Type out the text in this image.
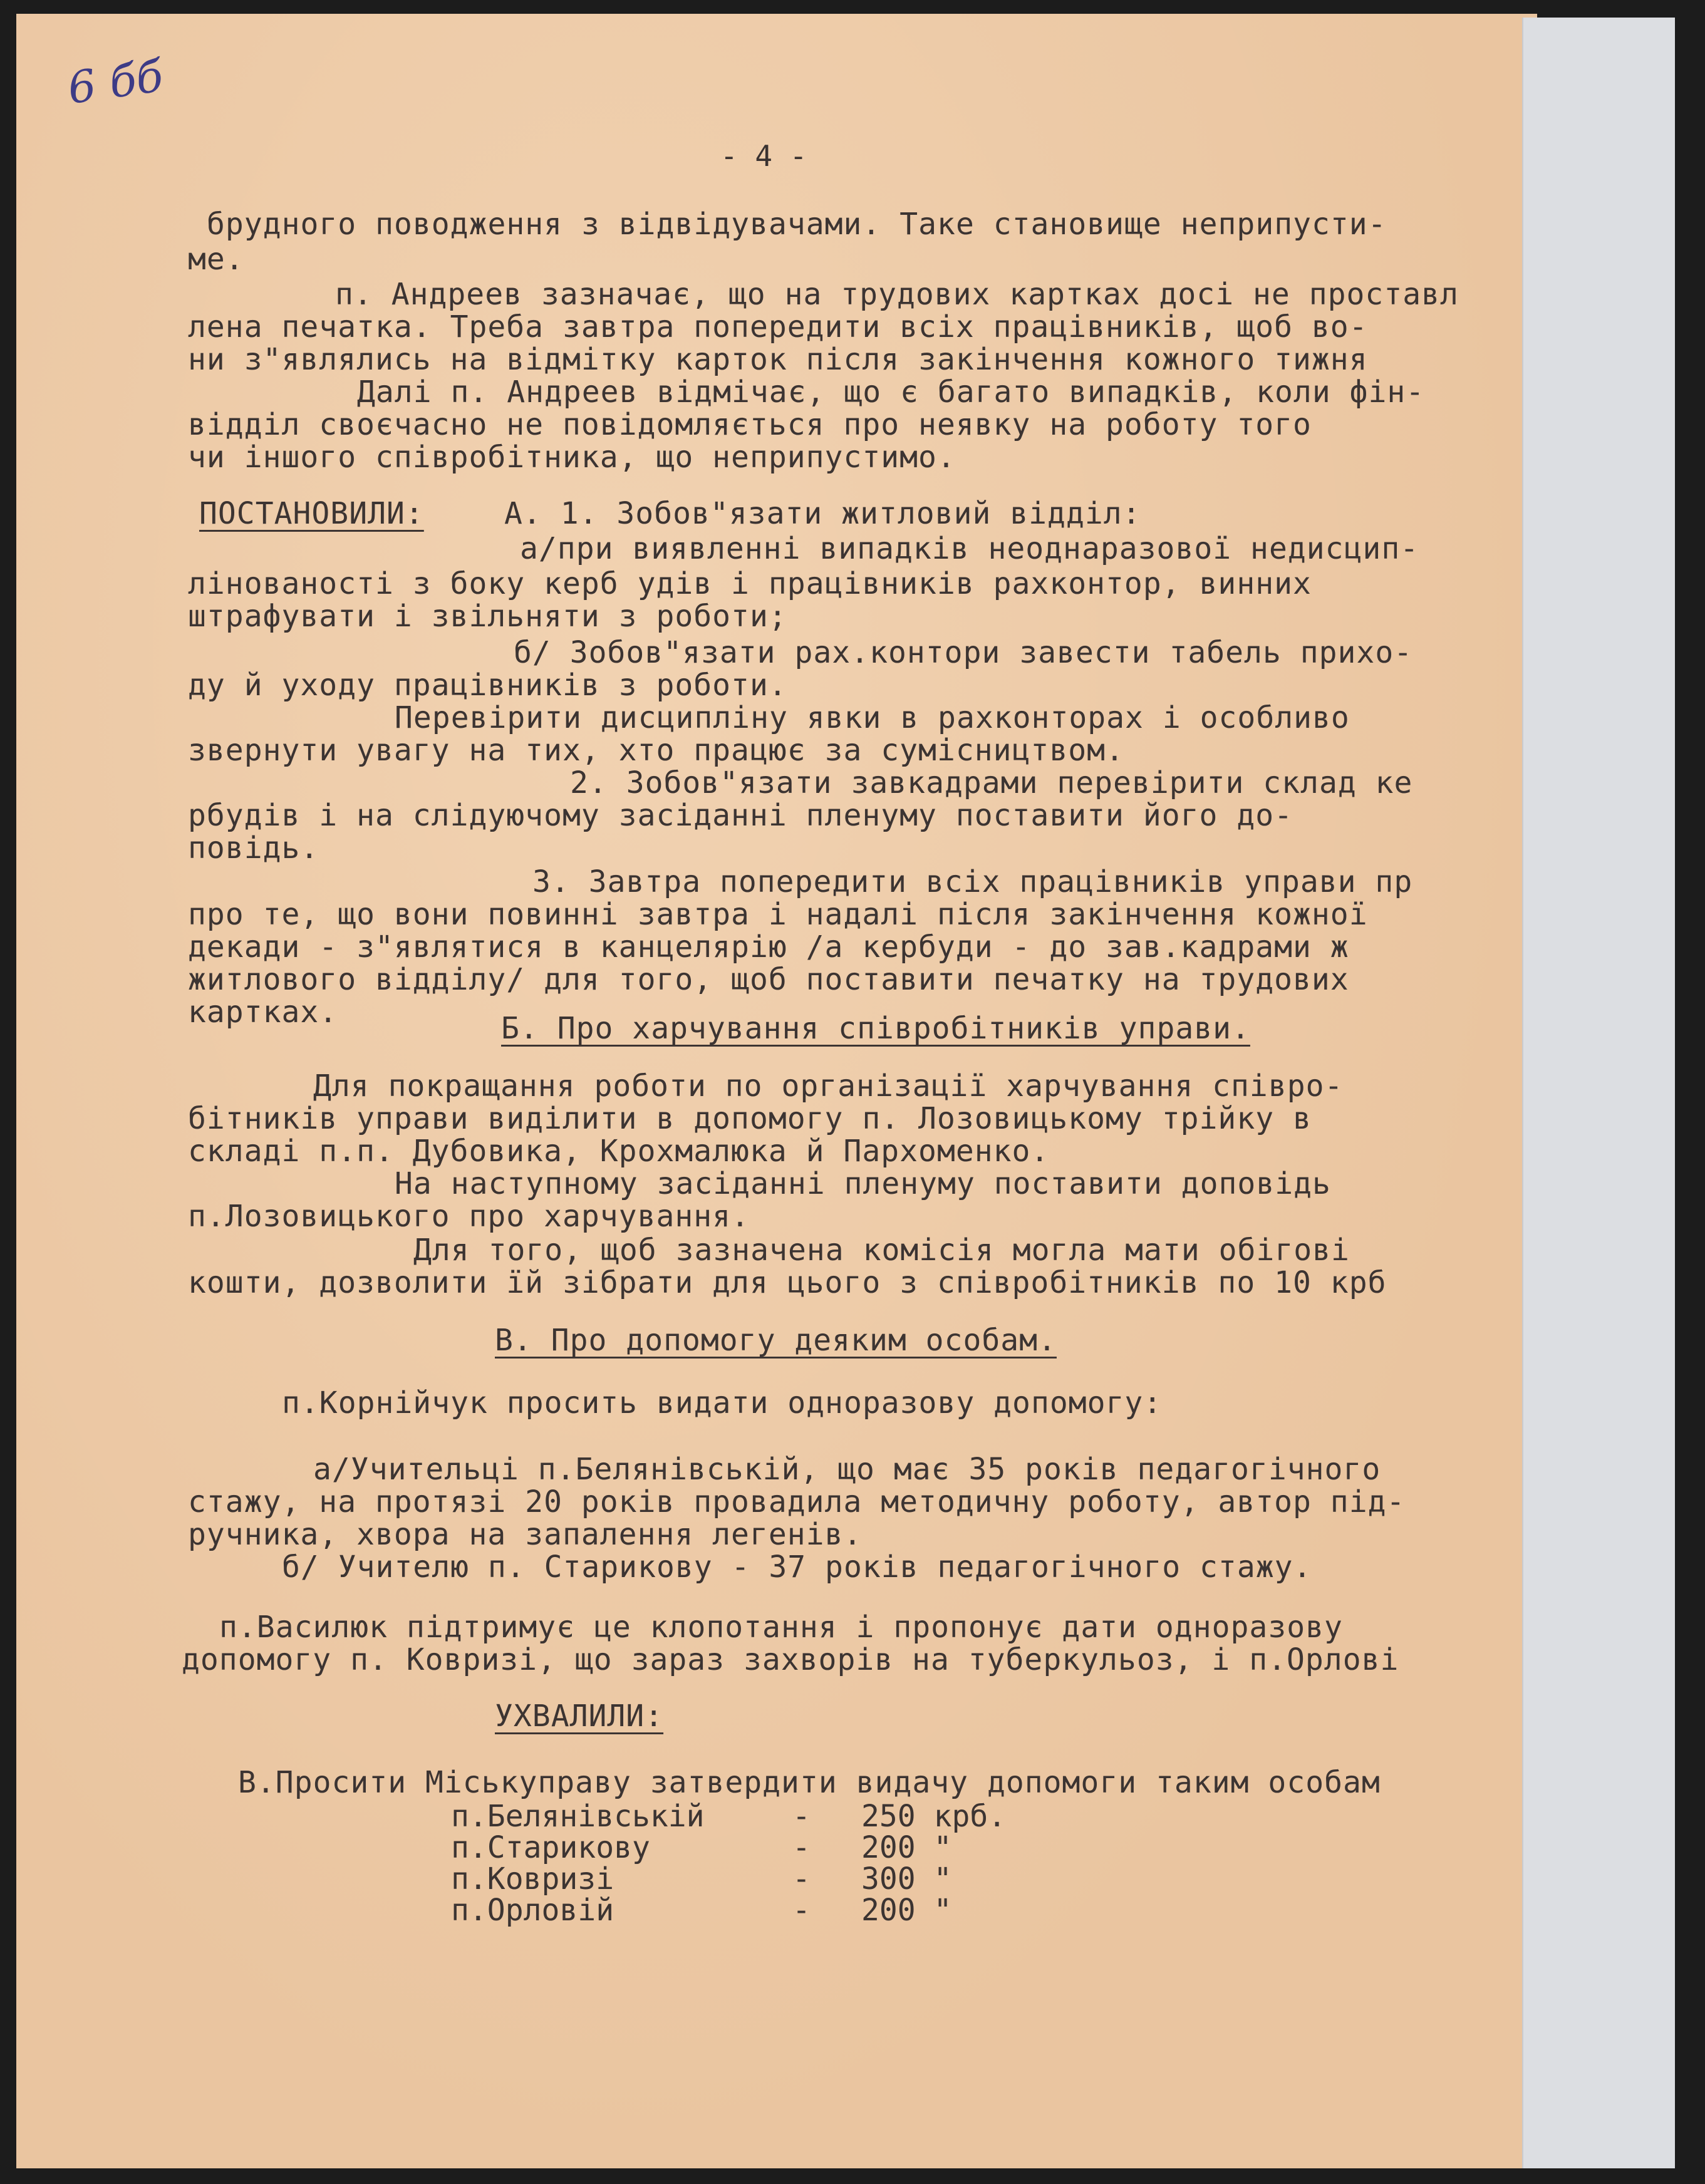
6 бб
- 4 -
брудного поводження з відвідувачами. Таке становище неприпусти-
ме.
п. Андреев зазначає, що на трудових картках досі не проставл
лена печатка. Треба завтра попередити всіх працівників, щоб во-
ни з"являлись на відмітку карток після закінчення кожного тижня
Далі п. Андреев відмічає, що є багато випадків, коли фін-
відділ своєчасно не повідомляється про неявку на роботу того
чи іншого співробітника, що неприпустимо.
ПОСТАНОВИЛИ:	А. 1. Зобов"язати житловий відділ:
а/при виявленні випадків неоднаразової недисцип-
лінованості з боку керб удів і працівників рахконтор, винних
штрафувати і звільняти з роботи;
б/ Зобов"язати рах.контори завести табель прихо-
ду й уходу працівників з роботи.
Перевірити дисципліну явки в рахконторах і особливо
звернути увагу на тих, хто працює за сумісництвом.
2. Зобов"язати завкадрами перевірити склад ке
рбудів і на слідуючому засіданні пленуму поставити його до-
повідь.
3. Завтра попередити всіх працівників управи пр
про те, що вони повинні завтра і надалі після закінчення кожної
декади - з"являтися в канцелярію /а кербуди - до зав.кадрами ж
житлового відділу/ для того, щоб поставити печатку на трудових
картках.	Б. Про харчування співробітників управи.
Для покращання роботи по організації харчування співро-
бітників управи виділити в допомогу п. Лозовицькому трійку в
складі п.п. Дубовика, Крохмалюка й Пархоменко.
На наступному засіданні пленуму поставити доповідь
п.Лозовицького про харчування.
Для того, щоб зазначена комісія могла мати обігові
кошти, дозволити їй зібрати для цього з співробітників по 10 крб
В. Про допомогу деяким особам.
п.Корнійчук просить видати одноразову допомогу:
а/Учительці п.Белянівській, що має 35 років педагогічного
стажу, на протязі 20 років провадила методичну роботу, автор під-
ручника, хвора на запалення легенів.
б/ Учителю п. Старикову - 37 років педагогічного стажу.
п.Василюк підтримує це клопотання і пропонує дати одноразову
допомогу п. Ковризі, що зараз захворів на туберкульоз, і п.Орлові
УХВАЛИЛИ:
В.Просити Міськуправу затвердити видачу допомоги таким особам
п.Белянівській	- 250 крб.
п.Старикову	- 200 "
п.Ковризі	- 300 "
п.Орловій	- 200 "
